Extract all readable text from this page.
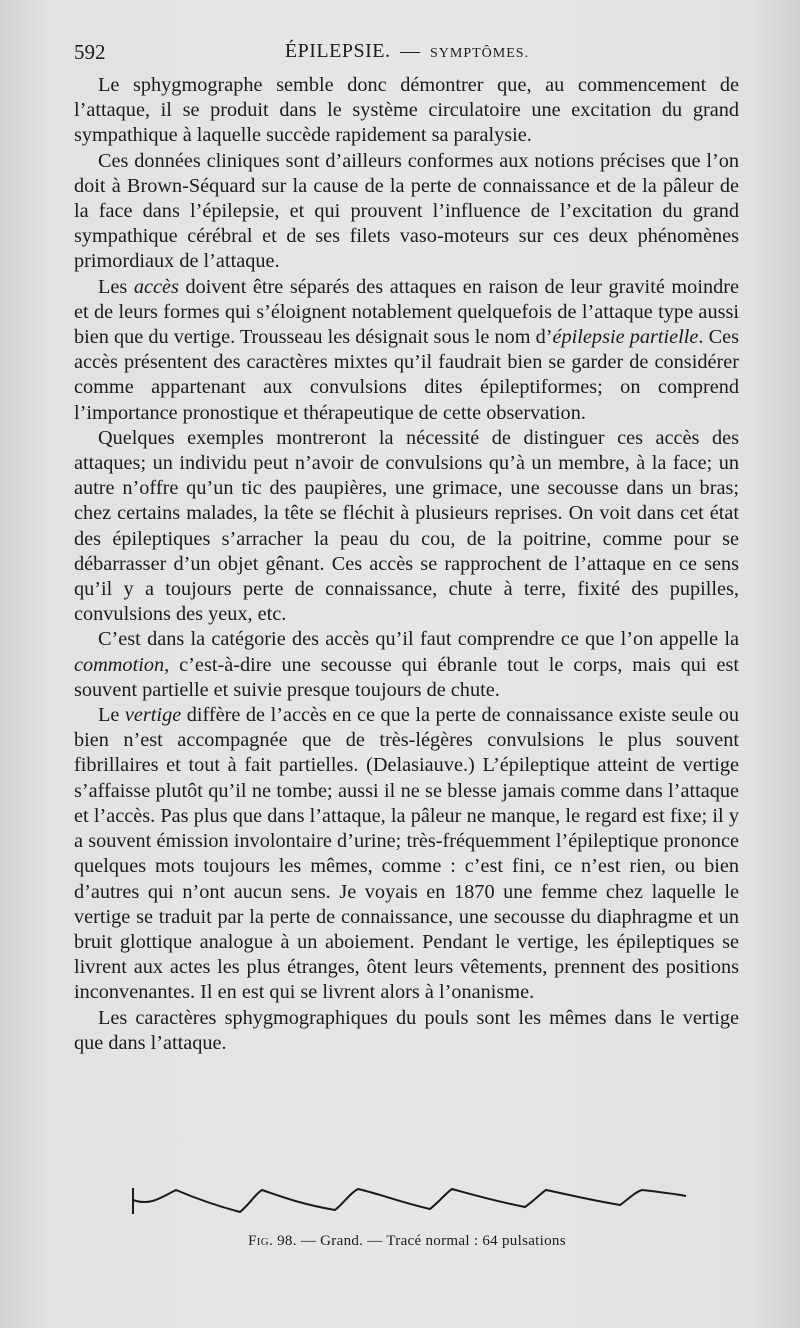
592	ÉPILEPSIE. — SYMPTÔMES.

Le sphygmographe semble donc démontrer que, au commencement de l’attaque, il se produit dans le système circulatoire une excitation du grand sympathique à laquelle succède rapidement sa paralysie.

Ces données cliniques sont d’ailleurs conformes aux notions précises que l’on doit à Brown-Séquard sur la cause de la perte de connaissance et de la pâleur de la face dans l’épilepsie, et qui prouvent l’influence de l’excitation du grand sympathique cérébral et de ses filets vaso-moteurs sur ces deux phénomènes primordiaux de l’attaque.

Les accès doivent être séparés des attaques en raison de leur gravité moindre et de leurs formes qui s’éloignent notablement quelquefois de l’attaque type aussi bien que du vertige. Trousseau les désignait sous le nom d’épilepsie partielle. Ces accès présentent des caractères mixtes qu’il faudrait bien se garder de considérer comme appartenant aux convulsions dites épileptiformes; on comprend l’importance pronostique et thérapeutique de cette observation.

Quelques exemples montreront la nécessité de distinguer ces accès des attaques; un individu peut n’avoir de convulsions qu’à un membre, à la face; un autre n’offre qu’un tic des paupières, une grimace, une secousse dans un bras; chez certains malades, la tête se fléchit à plusieurs reprises. On voit dans cet état des épileptiques s’arracher la peau du cou, de la poitrine, comme pour se débarrasser d’un objet gênant. Ces accès se rapprochent de l’attaque en ce sens qu’il y a toujours perte de connaissance, chute à terre, fixité des pupilles, convulsions des yeux, etc.

C’est dans la catégorie des accès qu’il faut comprendre ce que l’on appelle la commotion, c’est-à-dire une secousse qui ébranle tout le corps, mais qui est souvent partielle et suivie presque toujours de chute.

Le vertige diffère de l’accès en ce que la perte de connaissance existe seule ou bien n’est accompagnée que de très-légères convulsions le plus souvent fibrillaires et tout à fait partielles. (Delasiauve.) L’épileptique atteint de vertige s’affaisse plutôt qu’il ne tombe; aussi il ne se blesse jamais comme dans l’attaque et l’accès. Pas plus que dans l’attaque, la pâleur ne manque, le regard est fixe; il y a souvent émission involontaire d’urine; très-fréquemment l’épileptique prononce quelques mots toujours les mêmes, comme : c’est fini, ce n’est rien, ou bien d’autres qui n’ont aucun sens. Je voyais en 1870 une femme chez laquelle le vertige se traduit par la perte de connaissance, une secousse du diaphragme et un bruit glottique analogue à un aboiement. Pendant le vertige, les épileptiques se livrent aux actes les plus étranges, ôtent leurs vêtements, prennent des positions inconvenantes. Il en est qui se livrent alors à l’onanisme.

Les caractères sphygmographiques du pouls sont les mêmes dans le vertige que dans l’attaque.

Fig. 98. — Grand. — Tracé normal : 64 pulsations
